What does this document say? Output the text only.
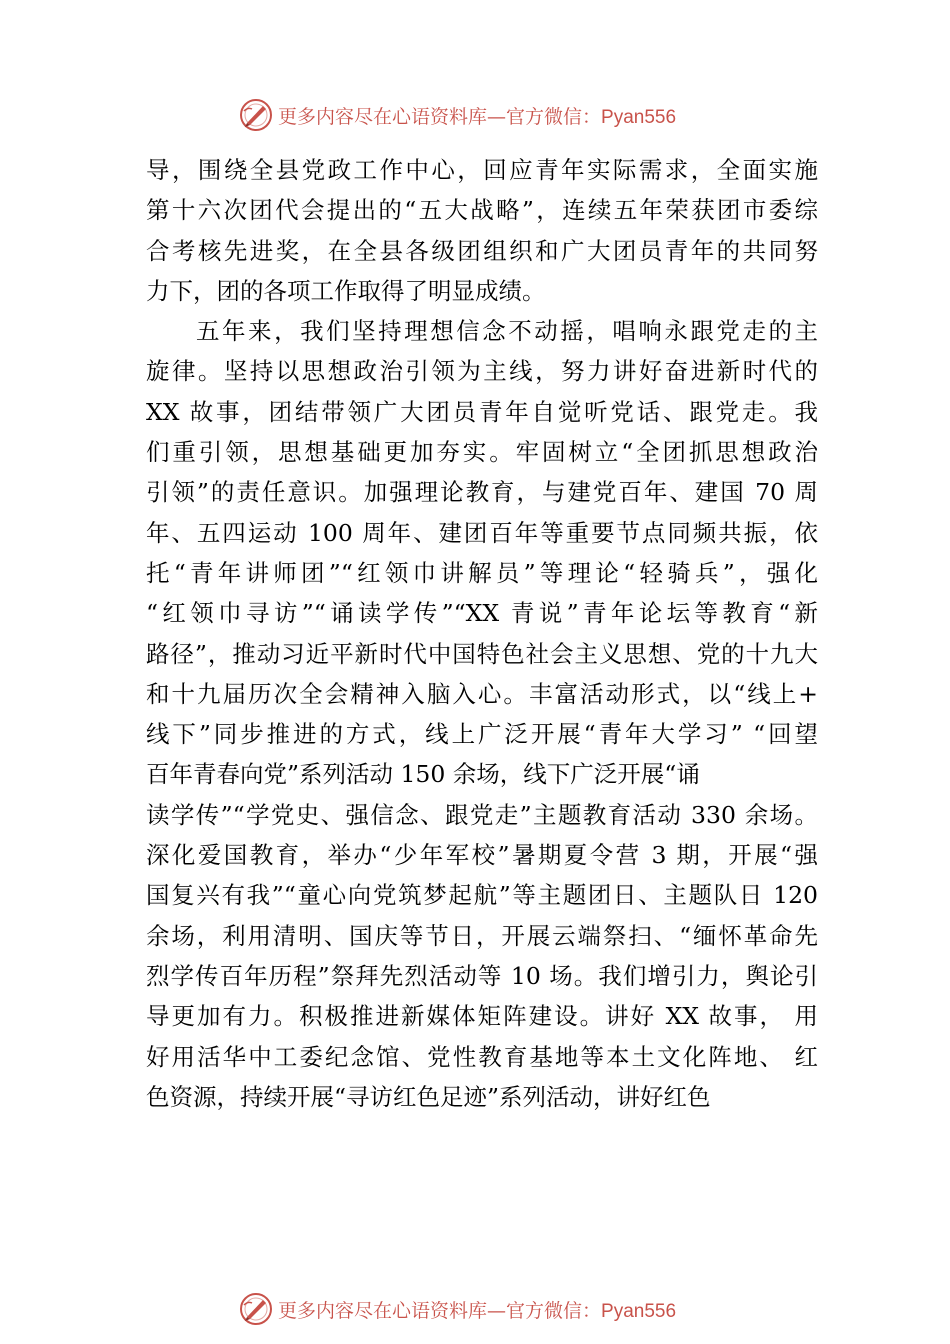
更多内容尽在心语资料库—官方微信：Pyan556
导，围绕全县党政工作中心，回应青年实际需求，全面实施
第十六次团代会提出的“五大战略”，连续五年荣获团市委综
合考核先进奖，在全县各级团组织和广大团员青年的共同努
力下，团的各项工作取得了明显成绩。
五年来，我们坚持理想信念不动摇，唱响永跟党走的主
旋律。坚持以思想政治引领为主线，努力讲好奋进新时代的
XX 故事，团结带领广大团员青年自觉听党话、跟党走。我
们重引领，思想基础更加夯实。牢固树立“全团抓思想政治
引领”的责任意识。加强理论教育，与建党百年、建国 70 周
年、五四运动 100 周年、建团百年等重要节点同频共振，依
托“青年讲师团”“红领巾讲解员”等理论“轻骑兵”，强化
“红领巾寻访”“诵读学传”“XX 青说”青年论坛等教育“新
路径”，推动习近平新时代中国特色社会主义思想、党的十九大
和十九届历次全会精神入脑入心。丰富活动形式，以“线上+
线下”同步推进的方式，线上广泛开展“青年大学习” “回望
百年青春向党”系列活动 150 余场，线下广泛开展“诵
读学传”“学党史、强信念、跟党走”主题教育活动 330 余场。
深化爱国教育，举办“少年军校”暑期夏令营 3 期，开展“强
国复兴有我”“童心向党筑梦起航”等主题团日、主题队日 120
余场，利用清明、国庆等节日，开展云端祭扫、“缅怀革命先
烈学传百年历程”祭拜先烈活动等 10 场。我们增引力，舆论引
导更加有力。积极推进新媒体矩阵建设。讲好 XX 故事， 用
好用活华中工委纪念馆、党性教育基地等本土文化阵地、 红
色资源，持续开展“寻访红色足迹”系列活动，讲好红色
更多内容尽在心语资料库—官方微信：Pyan556
